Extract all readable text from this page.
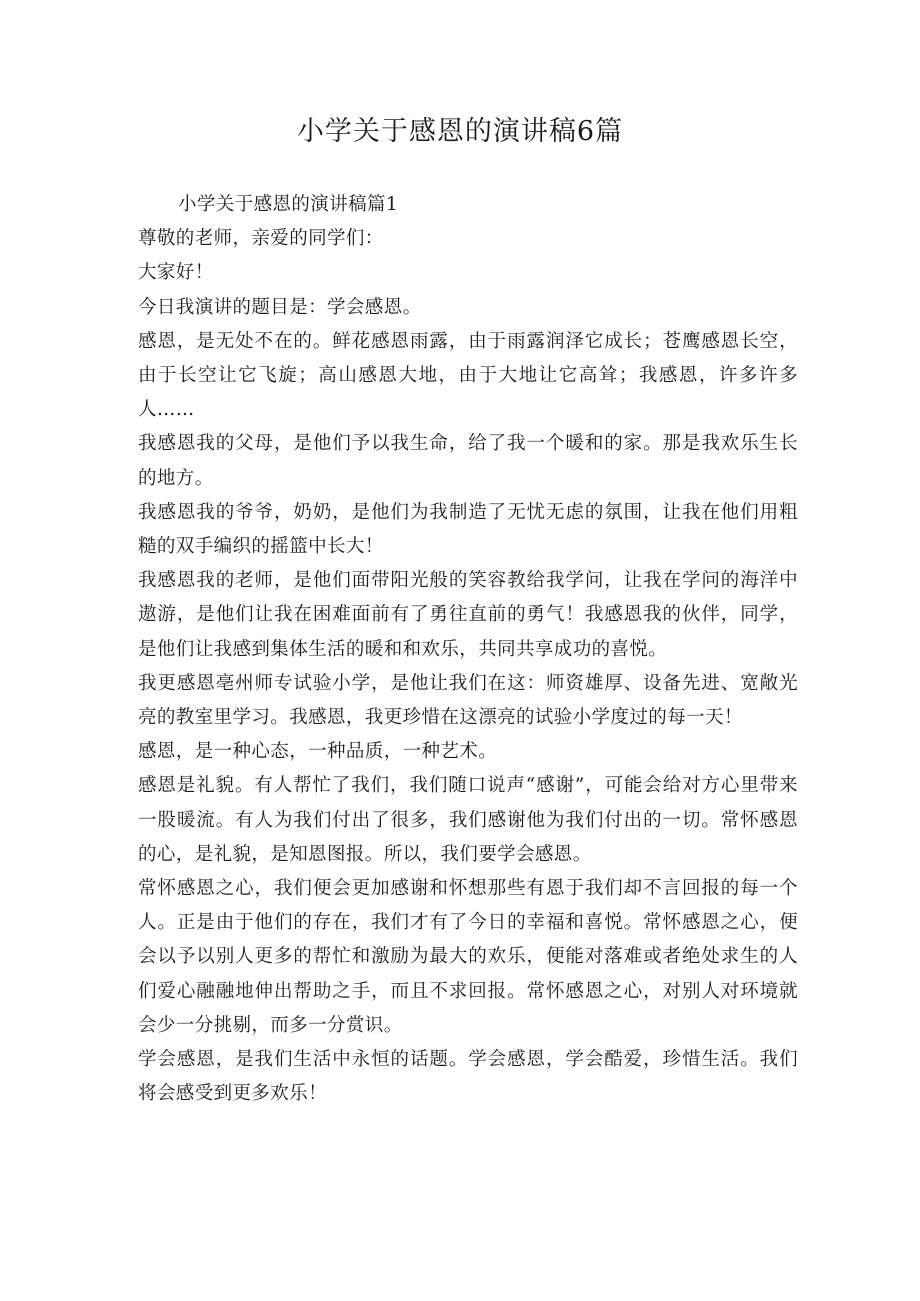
小学关于感恩的演讲稿6篇

小学关于感恩的演讲稿篇1

尊敬的老师，亲爱的同学们：

大家好！

今日我演讲的题目是：学会感恩。

感恩，是无处不在的。鲜花感恩雨露，由于雨露润泽它成长；苍鹰感恩长空，由于长空让它飞旋；高山感恩大地，由于大地让它高耸；我感恩，许多许多人……

我感恩我的父母，是他们予以我生命，给了我一个暖和的家。那是我欢乐生长的地方。

我感恩我的爷爷，奶奶，是他们为我制造了无忧无虑的氛围，让我在他们用粗糙的双手编织的摇篮中长大！

我感恩我的老师，是他们面带阳光般的笑容教给我学问，让我在学问的海洋中遨游，是他们让我在困难面前有了勇往直前的勇气！我感恩我的伙伴，同学，是他们让我感到集体生活的暖和和欢乐，共同共享成功的喜悦。

我更感恩亳州师专试验小学，是他让我们在这：师资雄厚、设备先进、宽敞光亮的教室里学习。我感恩，我更珍惜在这漂亮的试验小学度过的每一天！

感恩，是一种心态，一种品质，一种艺术。

感恩是礼貌。有人帮忙了我们，我们随口说声“感谢”，可能会给对方心里带来一股暖流。有人为我们付出了很多，我们感谢他为我们付出的一切。常怀感恩的心，是礼貌，是知恩图报。所以，我们要学会感恩。

常怀感恩之心，我们便会更加感谢和怀想那些有恩于我们却不言回报的每一个人。正是由于他们的存在，我们才有了今日的幸福和喜悦。常怀感恩之心，便会以予以别人更多的帮忙和激励为最大的欢乐，便能对落难或者绝处求生的人们爱心融融地伸出帮助之手，而且不求回报。常怀感恩之心，对别人对环境就会少一分挑剔，而多一分赏识。

学会感恩，是我们生活中永恒的话题。学会感恩，学会酷爱，珍惜生活。我们将会感受到更多欢乐！
